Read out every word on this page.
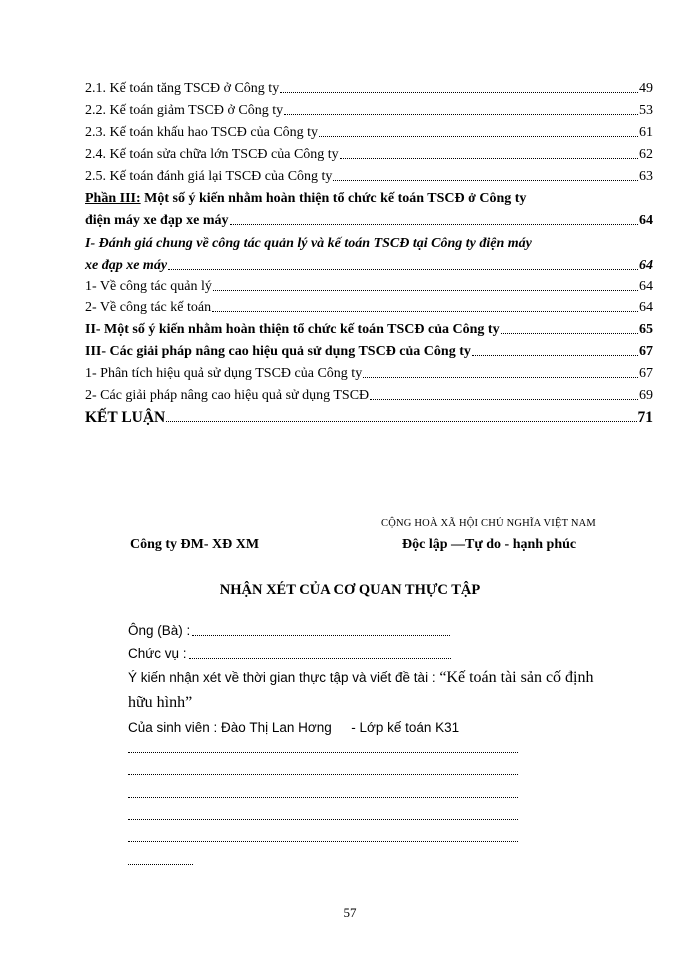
2.1. Kế toán tăng TSCĐ ở Công ty	49
2.2. Kế toán giảm TSCĐ ở Công ty	53
2.3. Kế toán khấu hao TSCĐ của Công ty	61
2.4. Kế toán sửa chữa lớn TSCĐ của Công ty	62
2.5. Kế toán đánh giá lại TSCĐ của Công ty	63
Phần III: Một số ý kiến nhằm hoàn thiện tổ chức kế toán TSCĐ ở Công ty
điện máy xe đạp xe máy	64
I- Đánh giá chung về công tác quản lý và kế toán TSCĐ tại Công ty điện máy
xe đạp xe máy	64
1- Về công tác quản lý	64
2- Về công tác kế toán	64
II- Một số ý kiến nhằm hoàn thiện tổ chức kế toán TSCĐ của Công ty	65
III- Các giải pháp nâng cao hiệu quả sử dụng TSCĐ của Công ty	67
1- Phân tích hiệu quả sử dụng TSCĐ của Công ty	67
2- Các giải pháp nâng cao hiệu quả sử dụng TSCĐ	69
KẾT LUẬN	71
CỘNG HOÀ XÃ HỘI CHỦ NGHĨA VIỆT NAM
Công ty ĐM- XĐ XM	Độc lập —Tự do - hạnh phúc
NHẬN XÉT CỦA CƠ QUAN THỰC TẬP
Ông (Bà) :
Chức vụ :
Ý kiến nhận xét về thời gian thực tập và viết đề tài : “Kế toán tài sản cố định
hữu hình”
Của sinh viên : Đào Thị Lan Hơng - Lớp kế toán K31
57
